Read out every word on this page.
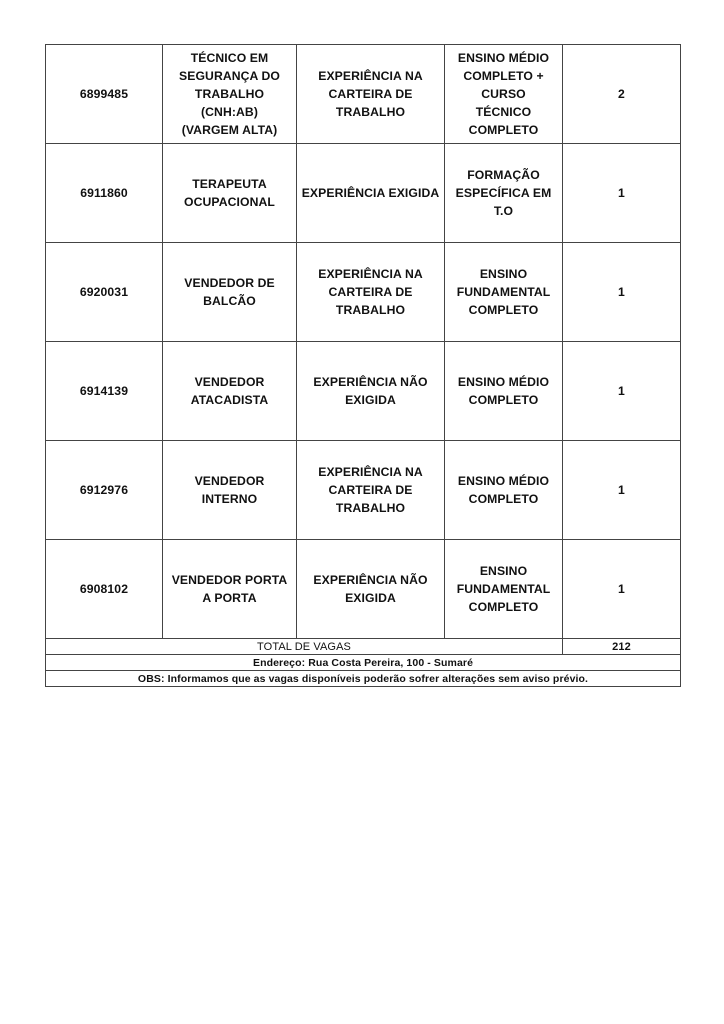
6899485	TÉCNICO EM SEGURANÇA DO TRABALHO (CNH:AB) (VARGEM ALTA)	EXPERIÊNCIA NA CARTEIRA DE TRABALHO	ENSINO MÉDIO COMPLETO + CURSO TÉCNICO COMPLETO	2

6911860	TERAPEUTA OCUPACIONAL	EXPERIÊNCIA EXIGIDA	FORMAÇÃO ESPECÍFICA EM T.O	1

6920031	VENDEDOR DE BALCÃO	EXPERIÊNCIA NA CARTEIRA DE TRABALHO	ENSINO FUNDAMENTAL COMPLETO	1

6914139	VENDEDOR ATACADISTA	EXPERIÊNCIA NÃO EXIGIDA	ENSINO MÉDIO COMPLETO	1

6912976	VENDEDOR INTERNO	EXPERIÊNCIA NA CARTEIRA DE TRABALHO	ENSINO MÉDIO COMPLETO	1

6908102	VENDEDOR PORTA A PORTA	EXPERIÊNCIA NÃO EXIGIDA	ENSINO FUNDAMENTAL COMPLETO	1

TOTAL DE VAGAS				212
Endereço: Rua Costa Pereira, 100 - Sumaré				
OBS: Informamos que as vagas disponíveis poderão sofrer alterações sem aviso prévio.				
